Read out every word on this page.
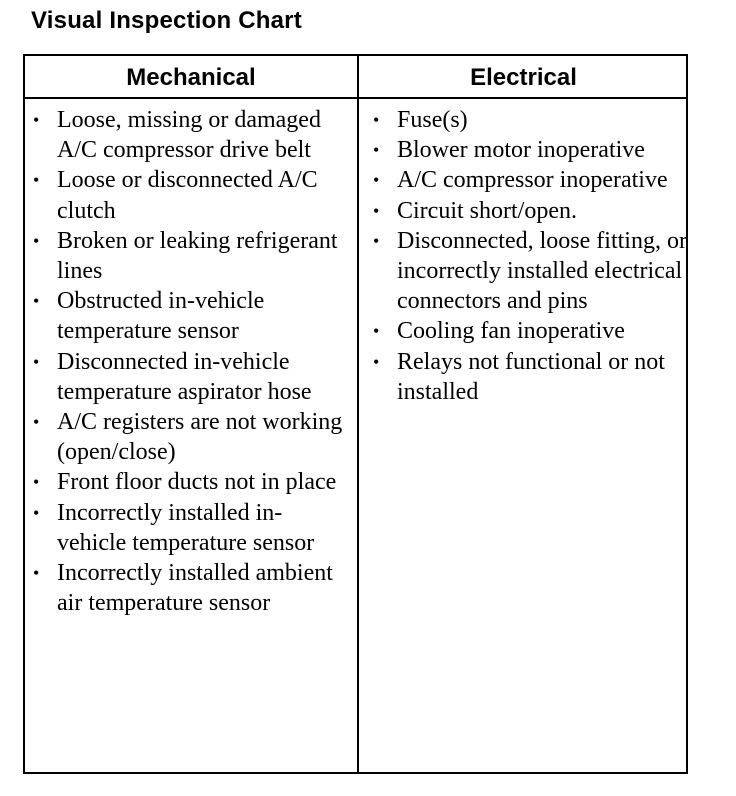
Visual Inspection Chart
Mechanical	Electrical
• Loose, missing or damaged A/C compressor drive belt
• Loose or disconnected A/C clutch
• Broken or leaking refrigerant lines
• Obstructed in-vehicle temperature sensor
• Disconnected in-vehicle temperature aspirator hose
• A/C registers are not working (open/close)
• Front floor ducts not in place
• Incorrectly installed in-vehicle temperature sensor
• Incorrectly installed ambient air temperature sensor
• Fuse(s)
• Blower motor inoperative
• A/C compressor inoperative
• Circuit short/open.
• Disconnected, loose fitting, or incorrectly installed electrical connectors and pins
• Cooling fan inoperative
• Relays not functional or not installed
